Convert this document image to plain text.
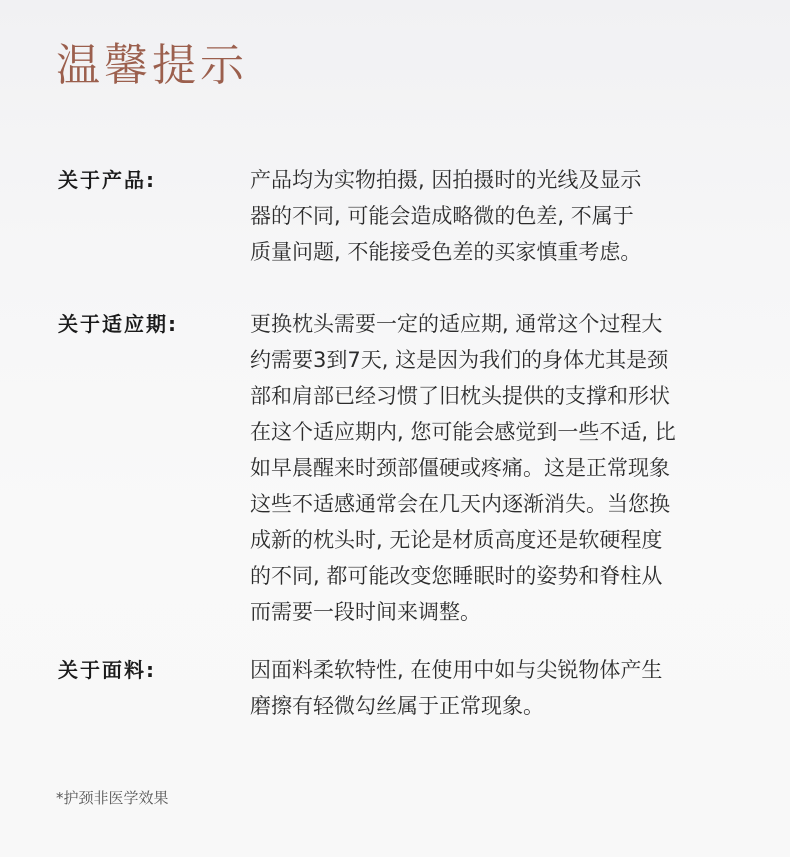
温馨提示
关于产品:	产品均为实物拍摄, 因拍摄时的光线及显示
器的不同, 可能会造成略微的色差, 不属于
质量问题, 不能接受色差的买家慎重考虑。
关于适应期:	更换枕头需要一定的适应期, 通常这个过程大
约需要3到7天, 这是因为我们的身体尤其是颈
部和肩部已经习惯了旧枕头提供的支撑和形状
在这个适应期内, 您可能会感觉到一些不适, 比
如早晨醒来时颈部僵硬或疼痛。这是正常现象
这些不适感通常会在几天内逐渐消失。当您换
成新的枕头时, 无论是材质高度还是软硬程度
的不同, 都可能改变您睡眠时的姿势和脊柱从
而需要一段时间来调整。
关于面料:	因面料柔软特性, 在使用中如与尖锐物体产生
磨擦有轻微勾丝属于正常现象。
*护颈非医学效果
